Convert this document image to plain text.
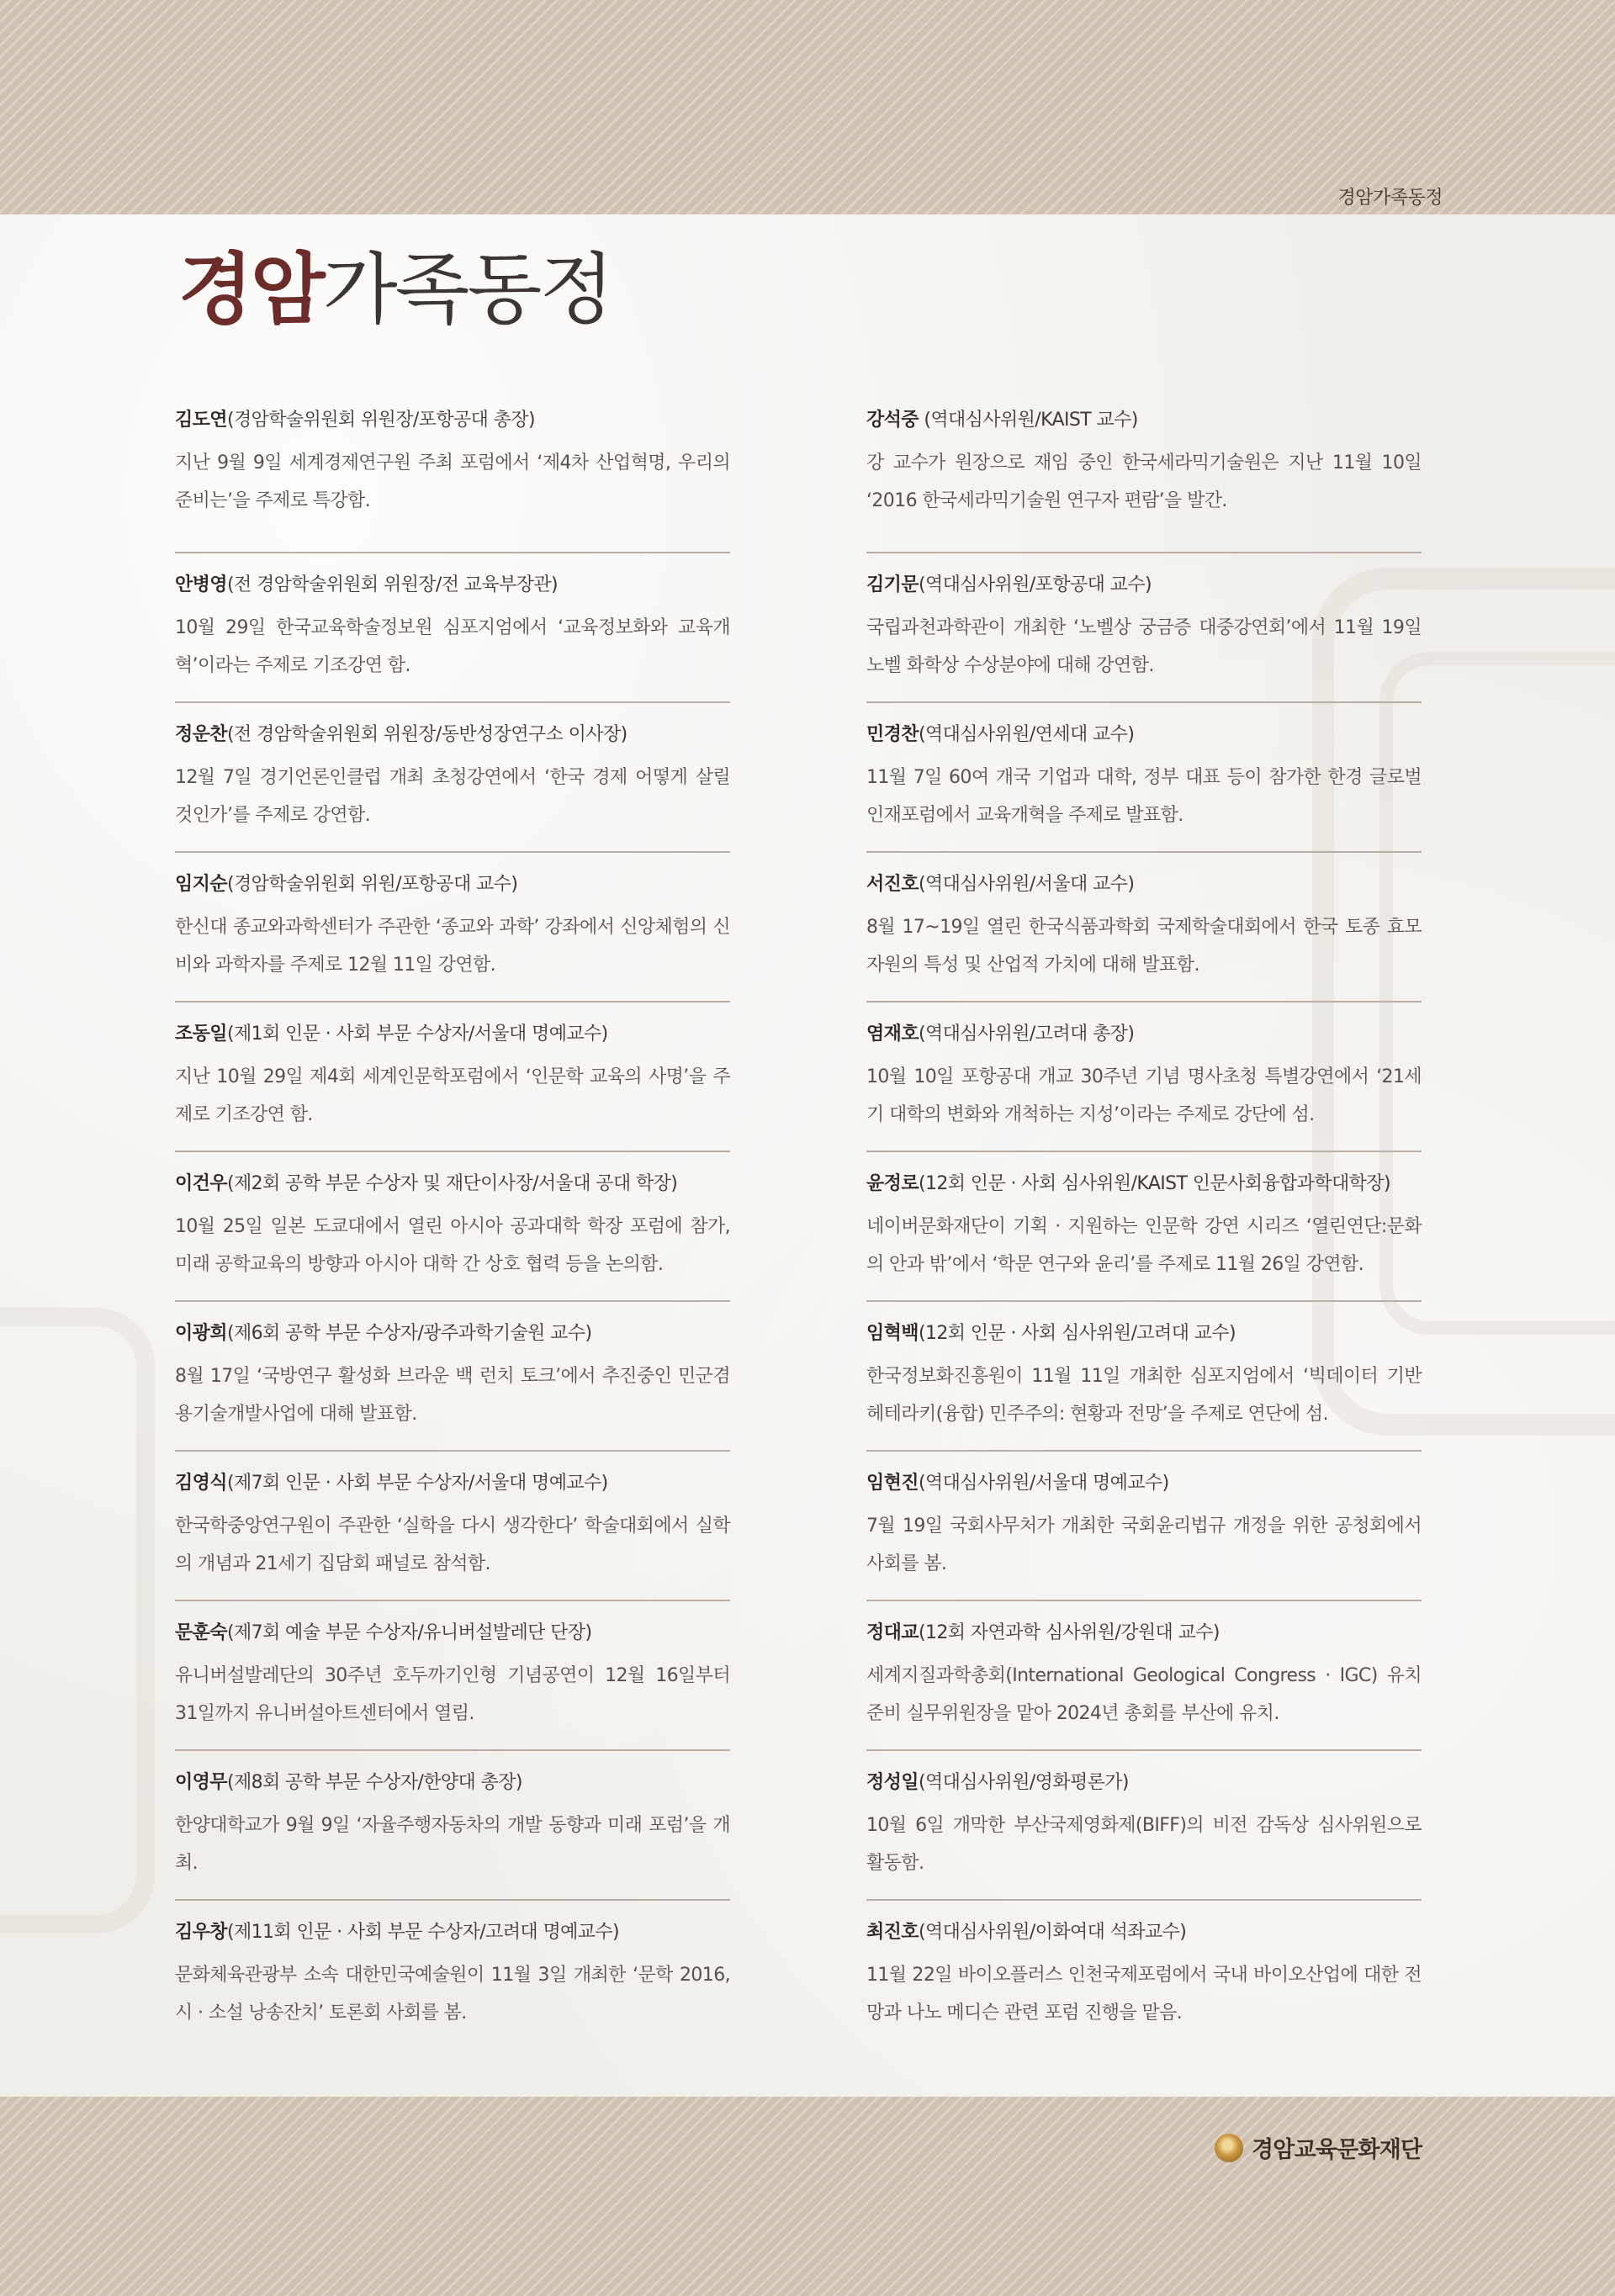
경암가족동정
경암가족동정
김도연(경암학술위원회 위원장/포항공대 총장)
지난 9월 9일 세계경제연구원 주최 포럼에서 ‘제4차 산업혁명, 우리의 준비는’을 주제로 특강함.
안병영(전 경암학술위원회 위원장/전 교육부장관)
10월 29일 한국교육학술정보원 심포지엄에서 ‘교육정보화와 교육개혁’이라는 주제로 기조강연 함.
정운찬(전 경암학술위원회 위원장/동반성장연구소 이사장)
12월 7일 경기언론인클럽 개최 초청강연에서 ‘한국 경제 어떻게 살릴 것인가’를 주제로 강연함.
임지순(경암학술위원회 위원/포항공대 교수)
한신대 종교와과학센터가 주관한 ‘종교와 과학’ 강좌에서 신앙체험의 신비와 과학자를 주제로 12월 11일 강연함.
조동일(제1회 인문 · 사회 부문 수상자/서울대 명예교수)
지난 10월 29일 제4회 세계인문학포럼에서 ‘인문학 교육의 사명’을 주제로 기조강연 함.
이건우(제2회 공학 부문 수상자 및 재단이사장/서울대 공대 학장)
10월 25일 일본 도쿄대에서 열린 아시아 공과대학 학장 포럼에 참가, 미래 공학교육의 방향과 아시아 대학 간 상호 협력 등을 논의함.
이광희(제6회 공학 부문 수상자/광주과학기술원 교수)
8월 17일 ‘국방연구 활성화 브라운 백 런치 토크’에서 추진중인 민군겸용기술개발사업에 대해 발표함.
김영식(제7회 인문 · 사회 부문 수상자/서울대 명예교수)
한국학중앙연구원이 주관한 ‘실학을 다시 생각한다’ 학술대회에서 실학의 개념과 21세기 집담회 패널로 참석함.
문훈숙(제7회 예술 부문 수상자/유니버설발레단 단장)
유니버설발레단의 30주년 호두까기인형 기념공연이 12월 16일부터 31일까지 유니버설아트센터에서 열림.
이영무(제8회 공학 부문 수상자/한양대 총장)
한양대학교가 9월 9일 ‘자율주행자동차의 개발 동향과 미래 포럼’을 개최.
김우창(제11회 인문 · 사회 부문 수상자/고려대 명예교수)
문화체육관광부 소속 대한민국예술원이 11월 3일 개최한 ‘문학 2016, 시 · 소설 낭송잔치’ 토론회 사회를 봄.
강석중 (역대심사위원/KAIST 교수)
강 교수가 원장으로 재임 중인 한국세라믹기술원은 지난 11월 10일 ‘2016 한국세라믹기술원 연구자 편람’을 발간.
김기문(역대심사위원/포항공대 교수)
국립과천과학관이 개최한 ‘노벨상 궁금증 대중강연회’에서 11월 19일 노벨 화학상 수상분야에 대해 강연함.
민경찬(역대심사위원/연세대 교수)
11월 7일 60여 개국 기업과 대학, 정부 대표 등이 참가한 한경 글로벌 인재포럼에서 교육개혁을 주제로 발표함.
서진호(역대심사위원/서울대 교수)
8월 17~19일 열린 한국식품과학회 국제학술대회에서 한국 토종 효모자원의 특성 및 산업적 가치에 대해 발표함.
염재호(역대심사위원/고려대 총장)
10월 10일 포항공대 개교 30주년 기념 명사초청 특별강연에서 ‘21세기 대학의 변화와 개척하는 지성’이라는 주제로 강단에 섬.
윤정로(12회 인문 · 사회 심사위원/KAIST 인문사회융합과학대학장)
네이버문화재단이 기획 · 지원하는 인문학 강연 시리즈 ‘열린연단:문화의 안과 밖’에서 ‘학문 연구와 윤리’를 주제로 11월 26일 강연함.
임혁백(12회 인문 · 사회 심사위원/고려대 교수)
한국정보화진흥원이 11월 11일 개최한 심포지엄에서 ‘빅데이터 기반 헤테라키(융합) 민주주의: 현황과 전망’을 주제로 연단에 섬.
임현진(역대심사위원/서울대 명예교수)
7월 19일 국회사무처가 개최한 국회윤리법규 개정을 위한 공청회에서 사회를 봄.
정대교(12회 자연과학 심사위원/강원대 교수)
세계지질과학총회(International Geological Congress · IGC) 유치 준비 실무위원장을 맡아 2024년 총회를 부산에 유치.
정성일(역대심사위원/영화평론가)
10월 6일 개막한 부산국제영화제(BIFF)의 비전 감독상 심사위원으로 활동함.
최진호(역대심사위원/이화여대 석좌교수)
11월 22일 바이오플러스 인천국제포럼에서 국내 바이오산업에 대한 전망과 나노 메디슨 관련 포럼 진행을 맡음.
경암교육문화재단
